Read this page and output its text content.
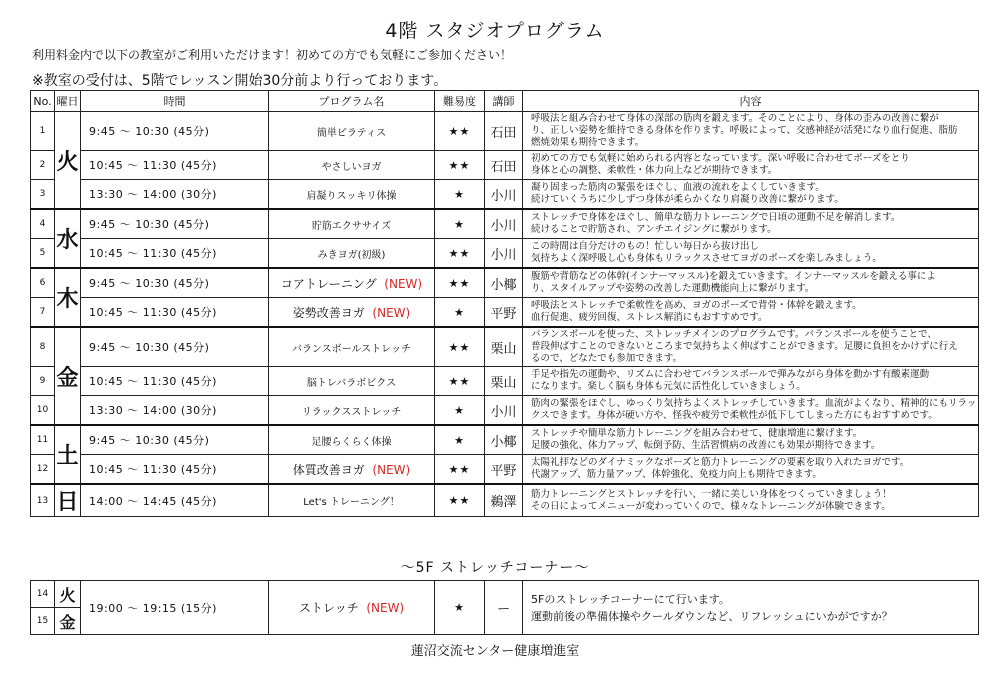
4階 スタジオプログラム
利用料金内で以下の教室がご利用いただけます！初めての方でも気軽にご参加ください！
※教室の受付は、5階でレッスン開始30分前より行っております。
No.	曜日	時間	プログラム名	難易度	講師	内容
1	火	9:45 ～ 10:30 (45分)	簡単ピラティス	★★	石田	呼吸法と組み合わせて身体の深部の筋肉を鍛えます。そのことにより、身体の歪みの改善に繋が
り、正しい姿勢を維持できる身体を作ります。呼吸によって、交感神経が活発になり血行促進、脂肪
燃焼効果も期待できます。

2		10:45 ～ 11:30 (45分)	やさしいヨガ	★★	石田	初めての方でも気軽に始められる内容となっています。深い呼吸に合わせてポーズをとり
身体と心の調整、柔軟性・体力向上などが期待できます。

3		13:30 ～ 14:00 (30分)	肩凝りスッキリ体操	★	小川	凝り固まった筋肉の緊張をほぐし、血液の流れをよくしていきます。
続けていくうちに少しずつ身体が柔らかくなり肩凝り改善に繋がります。

4	水	9:45 ～ 10:30 (45分)	貯筋エクササイズ	★	小川	ストレッチで身体をほぐし、簡単な筋力トレーニングで日頃の運動不足を解消します。
続けることで貯筋され、アンチエイジングに繋がります。

5		10:45 ～ 11:30 (45分)	みきヨガ(初級)	★★	小川	この時間は自分だけのもの！忙しい毎日から抜け出し
気持ちよく深呼吸し心も身体もリラックスさせてヨガのポーズを楽しみましょう。

6	木	9:45 ～ 10:30 (45分)	コアトレーニング (NEW)	★★	小椰	腹筋や背筋などの体幹(インナーマッスル)を鍛えていきます。インナーマッスルを鍛える事によ
り、スタイルアップや姿勢の改善した運動機能向上に繋がります。

7		10:45 ～ 11:30 (45分)	姿勢改善ヨガ (NEW)	★	平野	呼吸法とストレッチで柔軟性を高め、ヨガのポーズで背骨・体幹を鍛えます。
血行促進、疲労回復、ストレス解消にもおすすめです。

8	金	9:45 ～ 10:30 (45分)	バランスボールストレッチ	★★	栗山	バランスボールを使った、ストレッチメインのプログラムです。バランスボールを使うことで、
普段伸ばすことのできないところまで気持ちよく伸ばすことができます。足腰に負担をかけずに行え
るので、どなたでも参加できます。

9		10:45 ～ 11:30 (45分)	脳トレバラボビクス	★★	栗山	手足や指先の運動や、リズムに合わせてバランスボールで弾みながら身体を動かす有酸素運動
になります。楽しく脳も身体も元気に活性化していきましょう。

10		13:30 ～ 14:00 (30分)	リラックスストレッチ	★	小川	筋肉の緊張をほぐし、ゆっくり気持ちよくストレッチしていきます。血流がよくなり、精神的にもリラッ
クスできます。身体が硬い方や、怪我や疲労で柔軟性が低下してしまった方にもおすすめです。

11	土	9:45 ～ 10:30 (45分)	足腰らくらく体操	★	小椰	ストレッチや簡単な筋力トレーニングを組み合わせて、健康増進に繋げます。
足腰の強化、体力アップ、転倒予防、生活習慣病の改善にも効果が期待できます。

12		10:45 ～ 11:30 (45分)	体質改善ヨガ (NEW)	★★	平野	太陽礼拝などのダイナミックなポーズと筋力トレーニングの要素を取り入れたヨガです。
代謝アップ、筋力量アップ、体幹強化、免疫力向上も期待できます。

13	日	14:00 ～ 14:45 (45分)	Let's トレーニング！	★★	鵜澤	筋力トレーニングとストレッチを行い、一緒に美しい身体をつくっていきましょう！
その日によってメニューが変わっていくので、様々なトレーニングが体験できます。
～5F ストレッチコーナー～
14	火	19:00 ～ 19:15 (15分)	ストレッチ (NEW)	★	ー	5Fのストレッチコーナーにて行います。
運動前後の準備体操やクールダウンなど、リフレッシュにいかがですか？

15	金					
蓮沼交流センター健康増進室
